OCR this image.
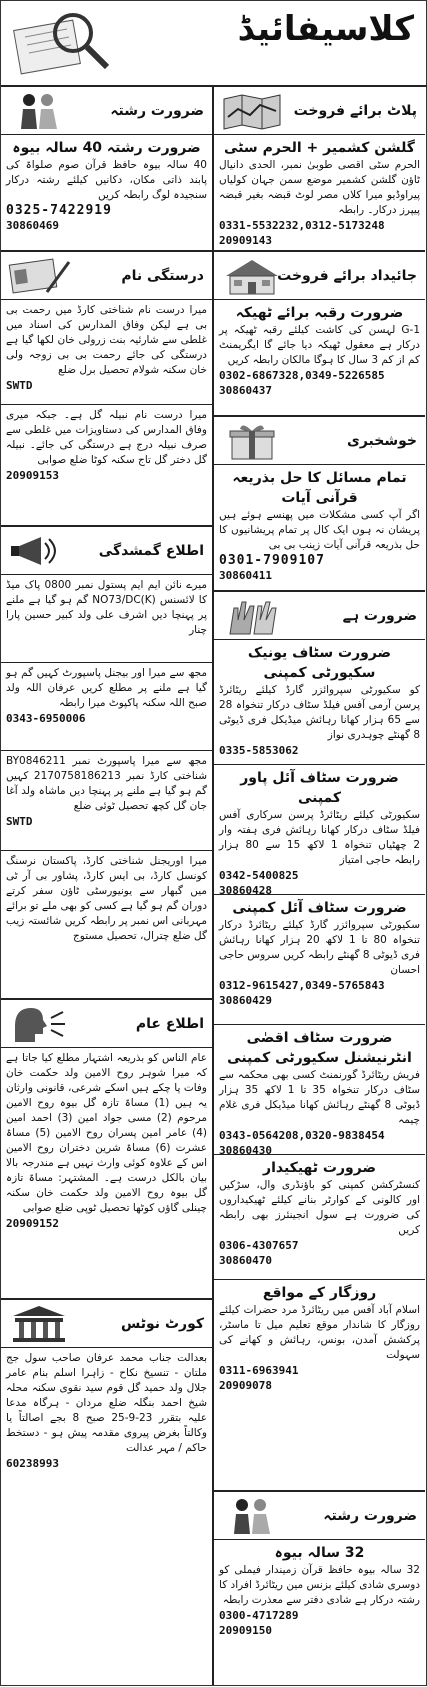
کلاسیفائیڈ
ضرورت رشتہ
ضرورت رشتہ 40 سالہ بیوہ
40 سالہ بیوہ حافظ قرآن صوم صلواۃ کی پابند ذاتی مکان، دکانیں کیلئے رشتہ درکار سنجیدہ لوگ رابطہ کریں
0325-7422919
30860469
درستگی نام
میرا درست نام شناختی کارڈ میں رحمت بی بی ہے لیکن وفاق المدارس کی اسناد میں غلطی سے شارئیہ بنت زرولی خان لکھا گیا ہے درستگی کی جائے رحمت بی بی زوجہ ولی خان سکنہ شولام تحصیل برل ضلع
SWTD
میرا درست نام نبیلہ گل ہے۔ جبکہ میری وفاق المدارس کی دستاویزات میں غلطی سے صرف نبیلہ درج ہے درستگی کی جائے۔ نبیلہ گل دختر گل تاج سکنہ کوٹا ضلع صوابی
20909153
اطلاع گمشدگی
میرے نائن ایم ایم پستول نمبر 0800 پاک میڈ کا لائسنس (NO73/DC(K گم ہو گیا ہے ملنے پر پہنچا دیں اشرف علی ولد کبیر حسین پارا چنار
مجھ سے میرا اور بیجنل پاسپورٹ کہیں گم ہو گیا ہے ملنے پر مطلع کریں عرفان اللہ ولد صبح اللہ سکنہ پاکپوٹ میرا رابطہ
0343-6950006
مجھ سے میرا پاسپورٹ نمبر BY0846211 شناختی کارڈ نمبر 2170758186213 کہیں گم ہو گیا ہے ملنے پر پہنچا دیں ماشاہ ولد آغا جان گل کچھ تحصیل ٹوئی ضلع
SWTD
میرا اوریجنل شناختی کارڈ، پاکستان نرسنگ کونسل کارڈ، بی ایس کارڈ، پشاور بی آر ٹی میں گبھار سے یونیورسٹی ٹاؤن سفر کرتے دوران گم ہو گیا ہے کسی کو بھی ملے تو برائے مہربانی اس نمبر پر رابطہ کریں شائستہ زیب گل ضلع چترال، تحصیل مستوج
اطلاع عام
عام الناس کو بذریعہ اشتہار مطلع کیا جاتا ہے کہ میرا شوہر روح الامین ولد حکمت خان وفات پا چکے ہیں اسکے شرعی، قانونی وارثان یہ ہیں (1) مساۃ تازہ گل بیوہ روح الامین مرحوم (2) مسی جواد امین (3) احمد امین (4) عامر امین پسران روح الامین (5) مساۃ عشرت (6) مساۃ شرین دختران روح الامین اس کے علاوہ کوئی وارث نہیں ہے مندرجہ بالا بیان بالکل درست ہے۔ المشتہر: مساۃ تازہ گل بیوہ روح الامین ولد حکمت خان سکنہ چینلی گاؤں کوٹھا تحصیل ٹوپی ضلع صوابی
20909152
کورٹ نوٹس
بعدالت جناب محمد عرفان صاحب سول جج ملتان - تنسیخ نکاح - زاہرا اسلم بنام عامر جلال ولد حمید گل قوم سید نقوی سکنہ محلہ شیخ احمد بنگلہ ضلع مردان - ہرگاہ مدعا علیہ بتقرر 23-9-25 صبح 8 بجے اصالتاً یا وکالتاً بغرض پیروی مقدمہ پیش ہو - دستخط حاکم / مہر عدالت
60238993
پلاٹ برائے فروخت
گلشن کشمیر + الحرم سٹی
الحرم سٹی اقصی طوبیٰ نمبر، الحدی دانیال ٹاؤن گلشن کشمیر موضع سمن جہان کولیاں پیراوڈیو میرا کلاں مصر لوٹ قبضہ بغیر قبضہ پیپرز درکار۔ رابطہ
0331-5532232,0312-5173248
20909143
جائیداد برائے فروخت
ضرورت رقبہ برائے ٹھیکہ
G-1 لہسن کی کاشت کیلئے رقبہ ٹھیکہ پر درکار ہے معقول ٹھیکہ دیا جائے گا ایگریمنٹ کم از کم 3 سال کا ہوگا مالکان رابطہ کریں
0302-6867328,0349-5226585
30860437
خوشخبری
تمام مسائل کا حل بذریعہ قرآنی آیات
اگر آپ کسی مشکلات میں پھنسے ہوئے ہیں پریشان نہ ہوں ایک کال پر تمام پریشانیوں کا حل بذریعہ قرآنی آیات زینب بی بی
0301-7909107
30860411
ضرورت ہے
ضرورت سٹاف یونیک سکیورٹی کمپنی
کو سکیورٹی سپروائزر گارڈ کیلئے ریٹائرڈ پرسن آرمی آفس فیلڈ سٹاف درکار تنخواہ 28 سے 65 ہزار کھانا رہائش میڈیکل فری ڈیوٹی 8 گھنٹے چوہدری نواز
0335-5853062
ضرورت سٹاف آئل پاور کمپنی
سکیورٹی کیلئے ریٹائرڈ پرسن سرکاری آفس فیلڈ سٹاف درکار کھانا رہائش فری ہفتہ وار 2 چھٹیاں تنخواہ 1 لاکھ 15 سے 80 ہزار رابطہ حاجی امتیاز
0342-5400825
30860428
ضرورت سٹاف آئل کمپنی
سکیورٹی سپروائزر گارڈ کیلئے ریٹائرڈ درکار تنخواہ 80 تا 1 لاکھ 20 ہزار کھانا رہائش فری ڈیوٹی 8 گھنٹے رابطہ کریں سروس حاجی احسان
0312-9615427,0349-5765843
30860429
ضرورت سٹاف اقصٰی انٹرنیشنل سکیورٹی کمپنی
فریش ریٹائرڈ گورنمنٹ کسی بھی محکمہ سے سٹاف درکار تنخواہ 35 تا 1 لاکھ 35 ہزار ڈیوٹی 8 گھنٹے رہائش کھانا میڈیکل فری غلام چیمہ
0343-0564208,0320-9838454
30860430
ضرورت ٹھیکیدار
کنسٹرکشن کمپنی کو باؤنڈری وال، سڑکیں اور کالونی کے کوارٹر بنانے کیلئے ٹھیکیداروں کی ضرورت ہے سول انجینئرز بھی رابطہ کریں
0306-4307657
30860470
روزگار کے مواقع
اسلام آباد آفس میں ریٹائرڈ مرد حضرات کیلئے روزگار کا شاندار موقع تعلیم میل تا ماسٹر، پرکشش آمدن، بونس، رہائش و کھانے کی سہولت
0311-6963941
20909078
ضرورت رشتہ
32 سالہ بیوہ
32 سالہ بیوہ حافظ قرآن زمیندار فیملی کو دوسری شادی کیلئے بزنس مین ریٹائرڈ افراد کا رشتہ درکار ہے شادی دفتر سے معذرت رابطہ
0300-4717289
20909150
